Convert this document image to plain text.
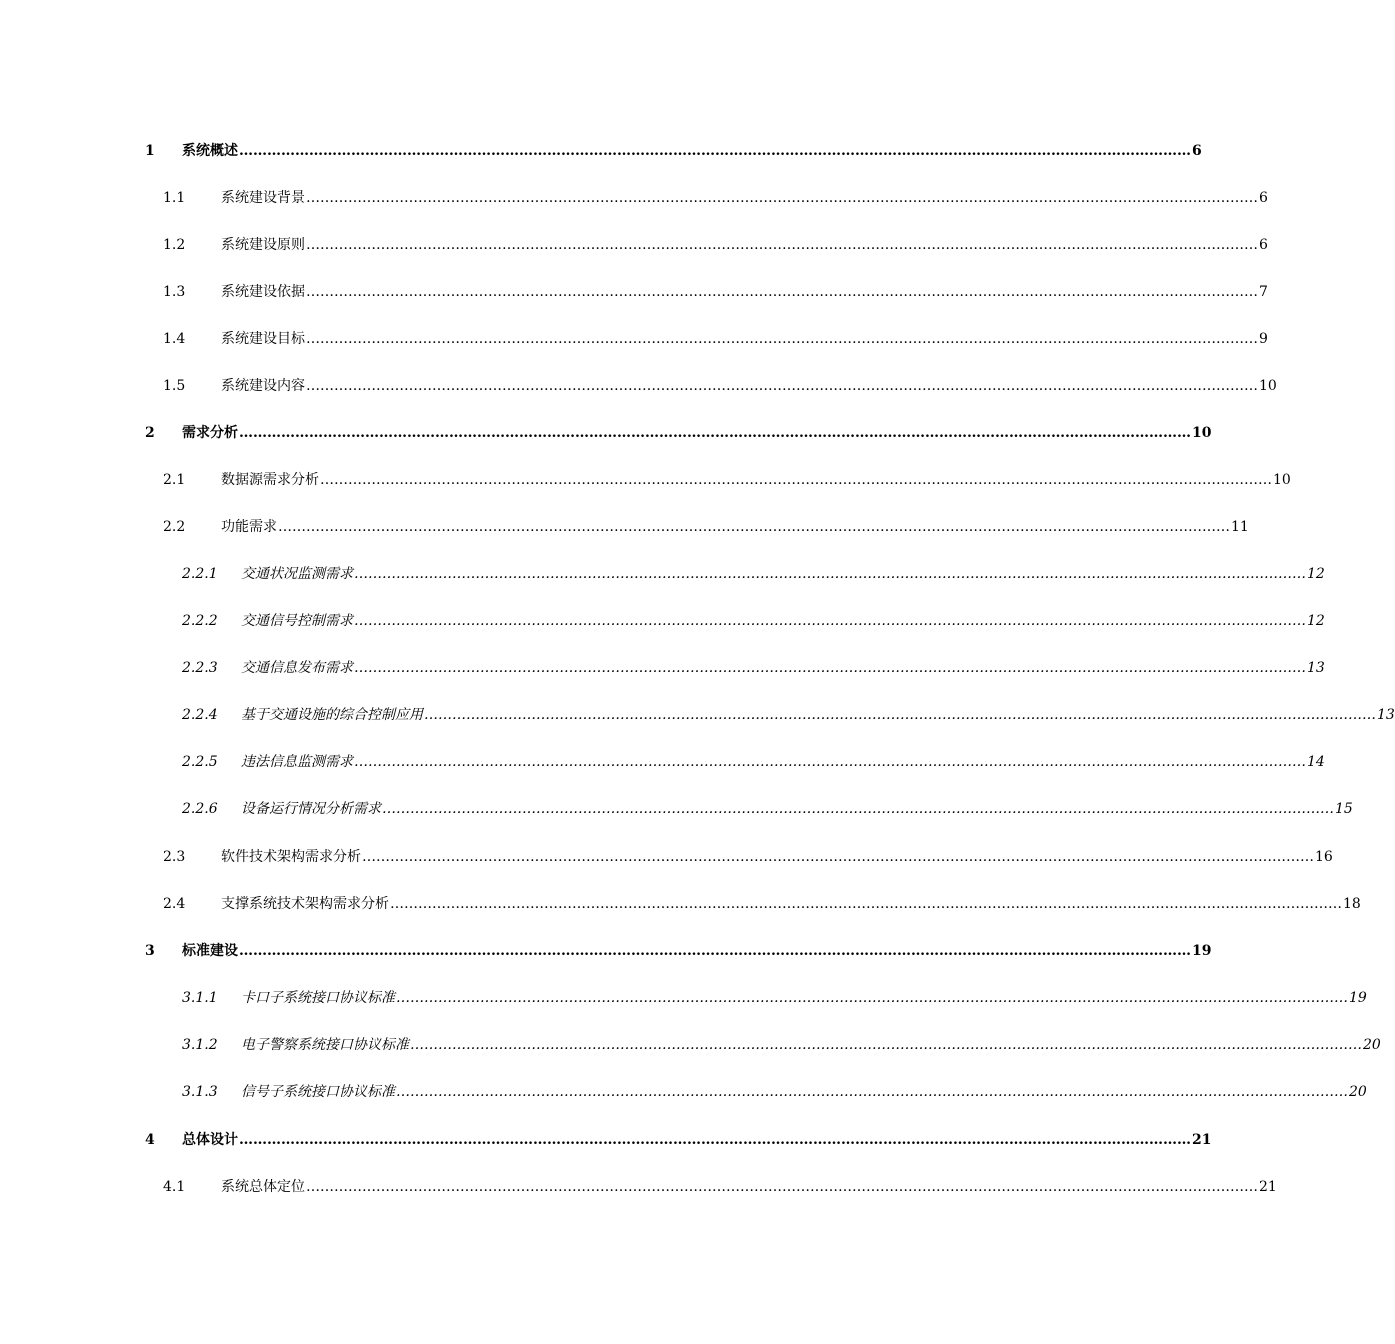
1 系统概述 …………………………………………………………………………………………………………………………………………………………………………………… 6
1.1	系统建设背景 …………………………………………………………………………………………………………………………………………………………………………………… 6
1.2	系统建设原则 …………………………………………………………………………………………………………………………………………………………………………………… 6
1.3	系统建设依据 …………………………………………………………………………………………………………………………………………………………………………………… 7
1.4	系统建设目标 …………………………………………………………………………………………………………………………………………………………………………………… 9
1.5	系统建设内容 …………………………………………………………………………………………………………………………………………………………………………………… 10
2 需求分析 …………………………………………………………………………………………………………………………………………………………………………………… 10
2.1	数据源需求分析 …………………………………………………………………………………………………………………………………………………………………………………… 10
2.2	功能需求 …………………………………………………………………………………………………………………………………………………………………………………… 11
2.2.1 交通状况监测需求 …………………………………………………………………………………………………………………………………………………………………………………… 12
2.2.2 交通信号控制需求 …………………………………………………………………………………………………………………………………………………………………………………… 12
2.2.3 交通信息发布需求 …………………………………………………………………………………………………………………………………………………………………………………… 13
2.2.4 基于交通设施的综合控制应用 …………………………………………………………………………………………………………………………………………………………………………………… 13
2.2.5 违法信息监测需求 …………………………………………………………………………………………………………………………………………………………………………………… 14
2.2.6 设备运行情况分析需求 …………………………………………………………………………………………………………………………………………………………………………………… 15
2.3	软件技术架构需求分析 …………………………………………………………………………………………………………………………………………………………………………………… 16
2.4	支撑系统技术架构需求分析 …………………………………………………………………………………………………………………………………………………………………………………… 18
3 标准建设 …………………………………………………………………………………………………………………………………………………………………………………… 19
3.1.1 卡口子系统接口协议标准 …………………………………………………………………………………………………………………………………………………………………………………… 19
3.1.2 电子警察系统接口协议标准 …………………………………………………………………………………………………………………………………………………………………………………… 20
3.1.3 信号子系统接口协议标准 …………………………………………………………………………………………………………………………………………………………………………………… 20
4 总体设计 …………………………………………………………………………………………………………………………………………………………………………………… 21
4.1	系统总体定位 …………………………………………………………………………………………………………………………………………………………………………………… 21
